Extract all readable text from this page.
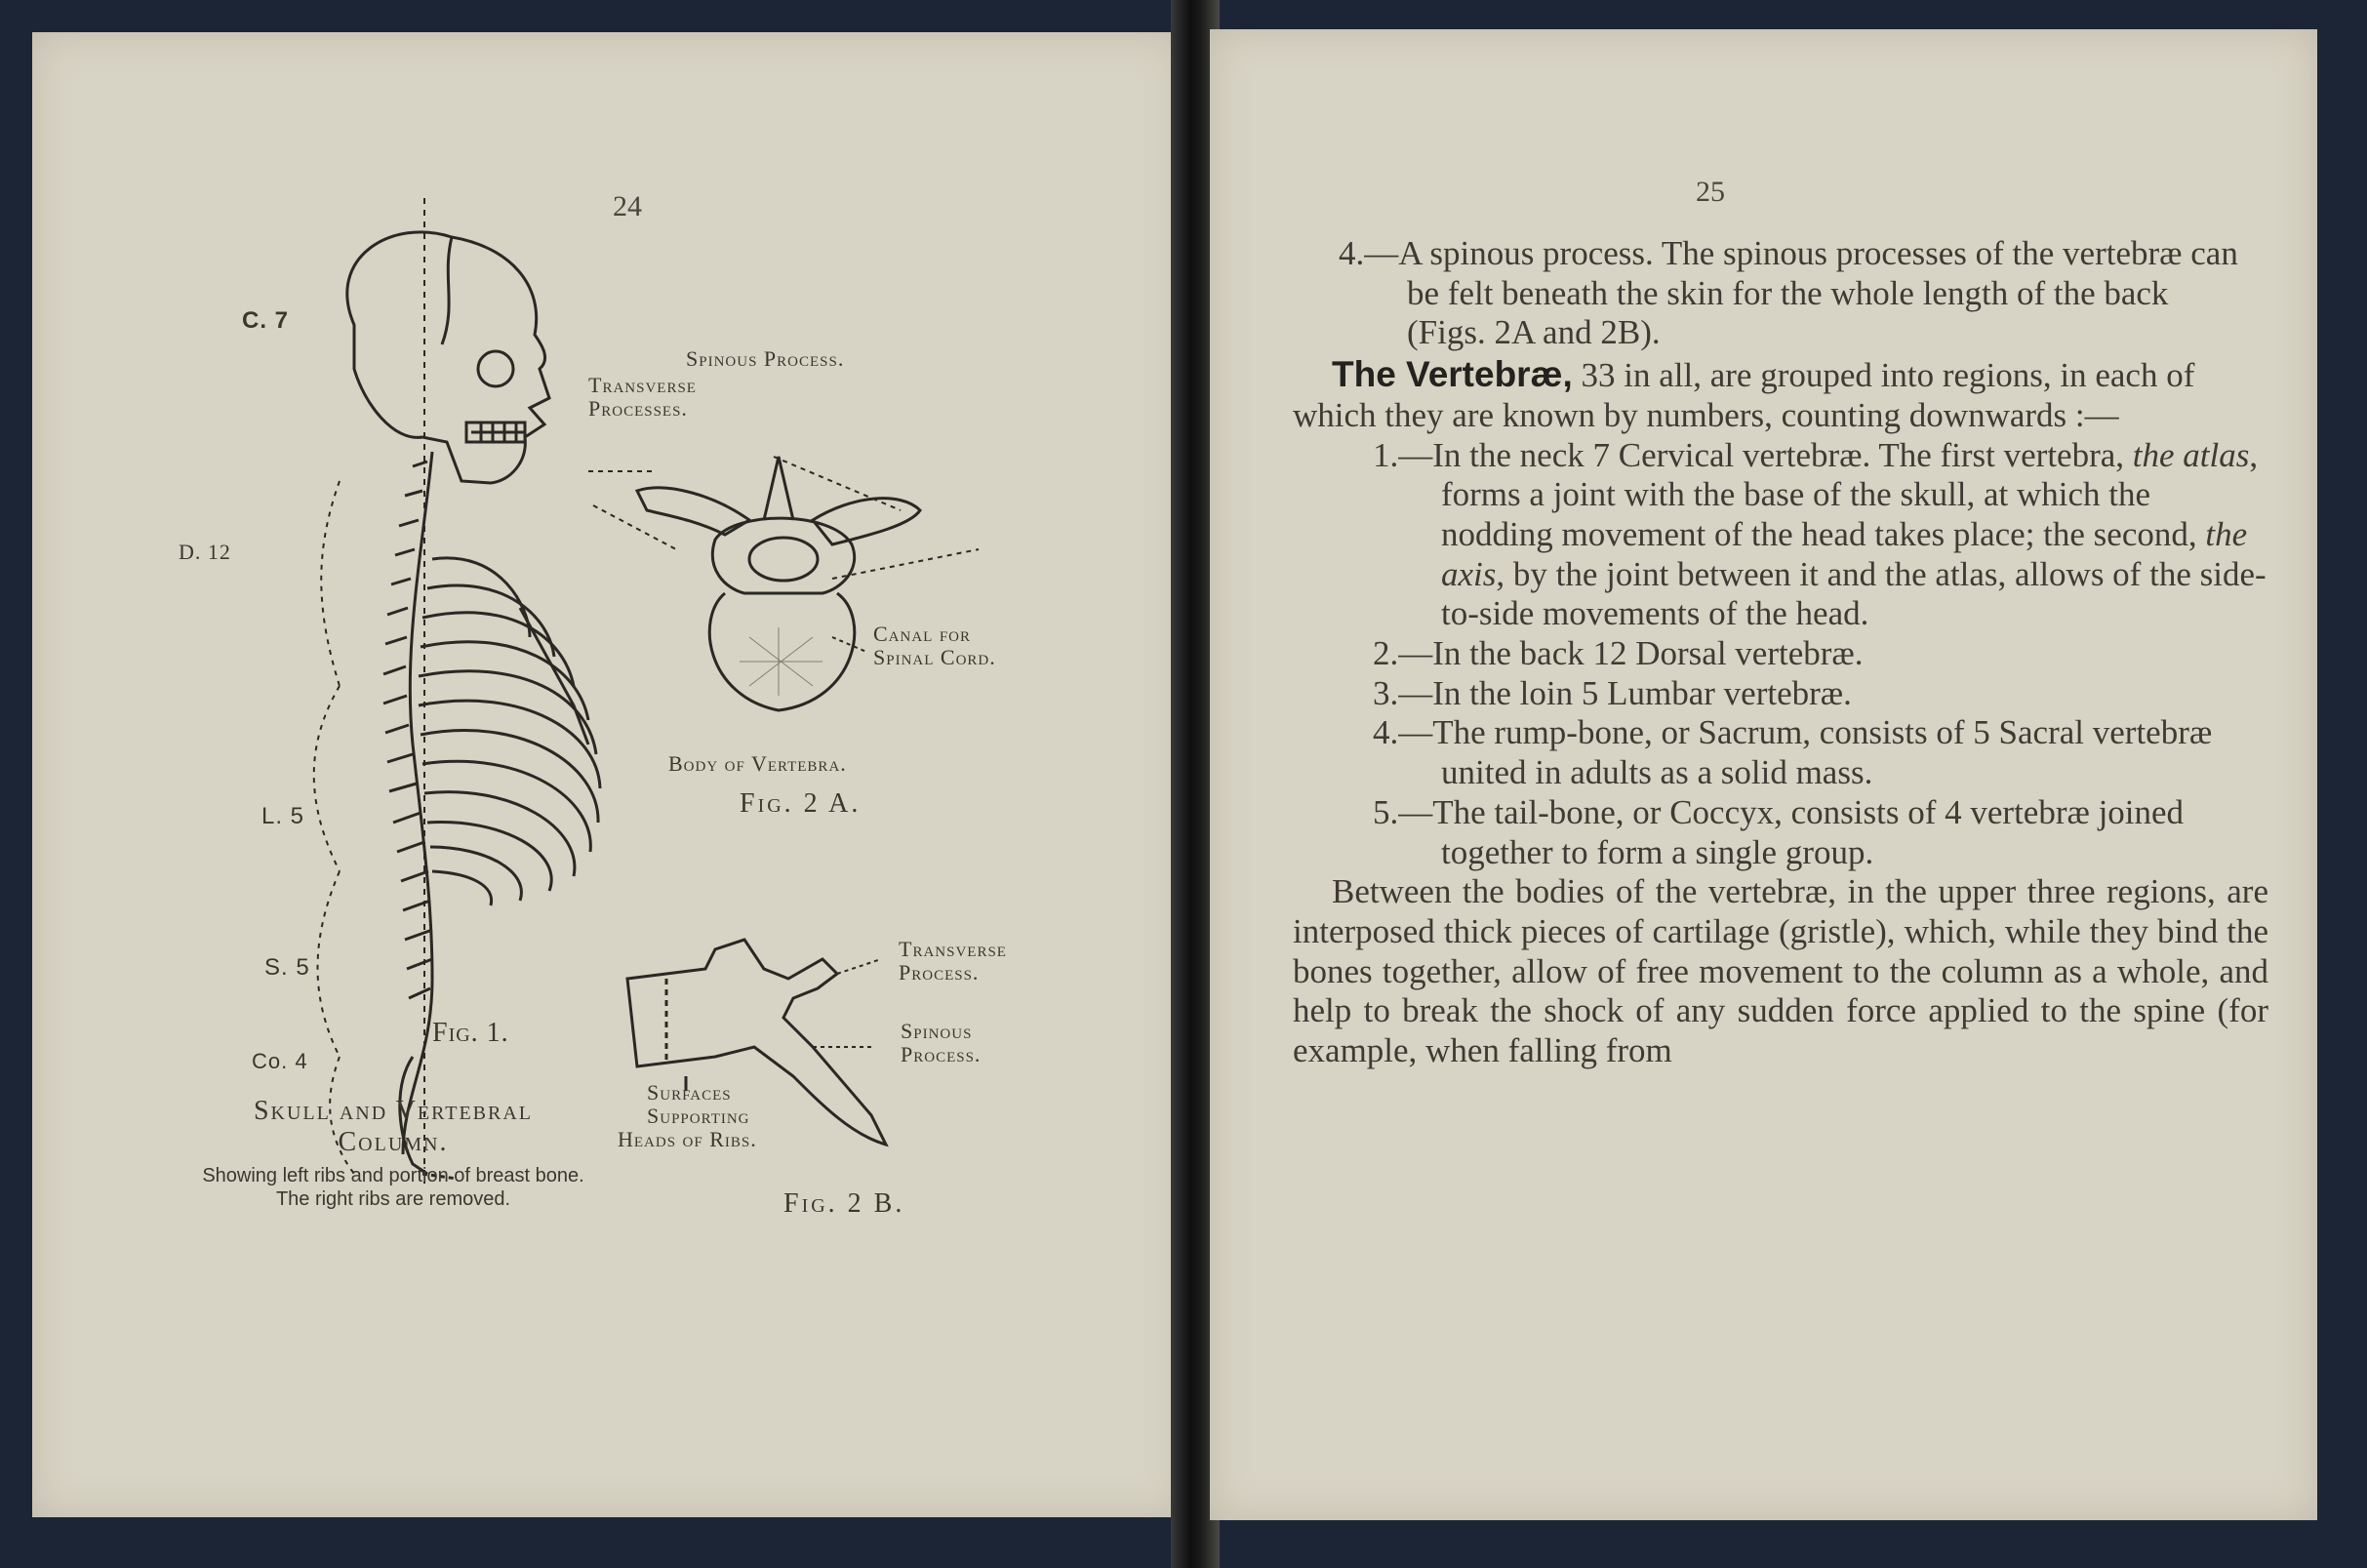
24
C. 7
D. 12
L. 5
S. 5
Co. 4
Fig. 1.
Skull and Vertebral
Column.
Showing left ribs and portion of breast bone. The right ribs are removed.
Spinous Process.
Transverse
Processes.
Canal for
Spinal Cord.
Body of Vertebra.
Fig. 2 A.
Transverse
Process.
Spinous
Process.
Surfaces
Supporting
Heads of Ribs.
Fig. 2 B.
25
4.—A spinous process. The spinous processes of the vertebræ can be felt beneath the skin for the whole length of the back (Figs. 2A and 2B).
The Vertebræ, 33 in all, are grouped into regions, in each of which they are known by numbers, counting downwards :—
1.—In the neck 7 Cervical vertebræ. The first vertebra, the atlas, forms a joint with the base of the skull, at which the nodding movement of the head takes place; the second, the axis, by the joint between it and the atlas, allows of the side-to-side movements of the head.
2.—In the back 12 Dorsal vertebræ.
3.—In the loin 5 Lumbar vertebræ.
4.—The rump-bone, or Sacrum, consists of 5 Sacral vertebræ united in adults as a solid mass.
5.—The tail-bone, or Coccyx, consists of 4 vertebræ joined together to form a single group.
Between the bodies of the vertebræ, in the upper three regions, are interposed thick pieces of cartilage (gristle), which, while they bind the bones together, allow of free movement to the column as a whole, and help to break the shock of any sudden force applied to the spine (for example, when falling from
